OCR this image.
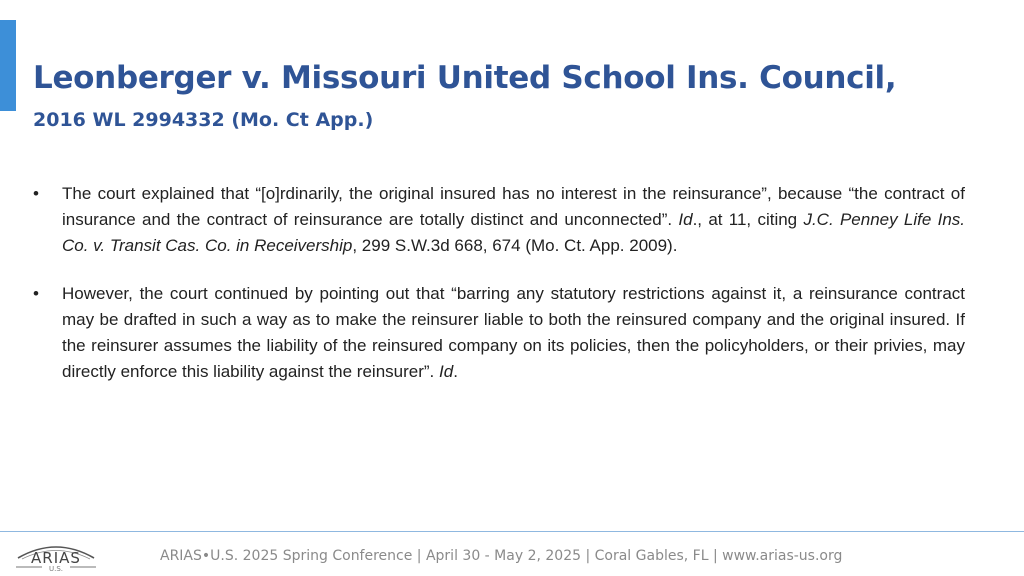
Leonberger v. Missouri United School Ins. Council,
2016 WL 2994332 (Mo. Ct App.)
• The court explained that “[o]rdinarily, the original insured has no interest in the reinsurance”, because “the contract of insurance and the contract of reinsurance are totally distinct and unconnected”. Id., at 11, citing J.C. Penney Life Ins. Co. v. Transit Cas. Co. in Receivership, 299 S.W.3d 668, 674 (Mo. Ct. App. 2009).
• However, the court continued by pointing out that “barring any statutory restrictions against it, a reinsurance contract may be drafted in such a way as to make the reinsurer liable to both the reinsured company and the original insured. If the reinsurer assumes the liability of the reinsured company on its policies, then the policyholders, or their privies, may directly enforce this liability against the reinsurer”. Id.
ARIAS
U.S.
ARIAS•U.S. 2025 Spring Conference | April 30 - May 2, 2025 | Coral Gables, FL | www.arias-us.org
